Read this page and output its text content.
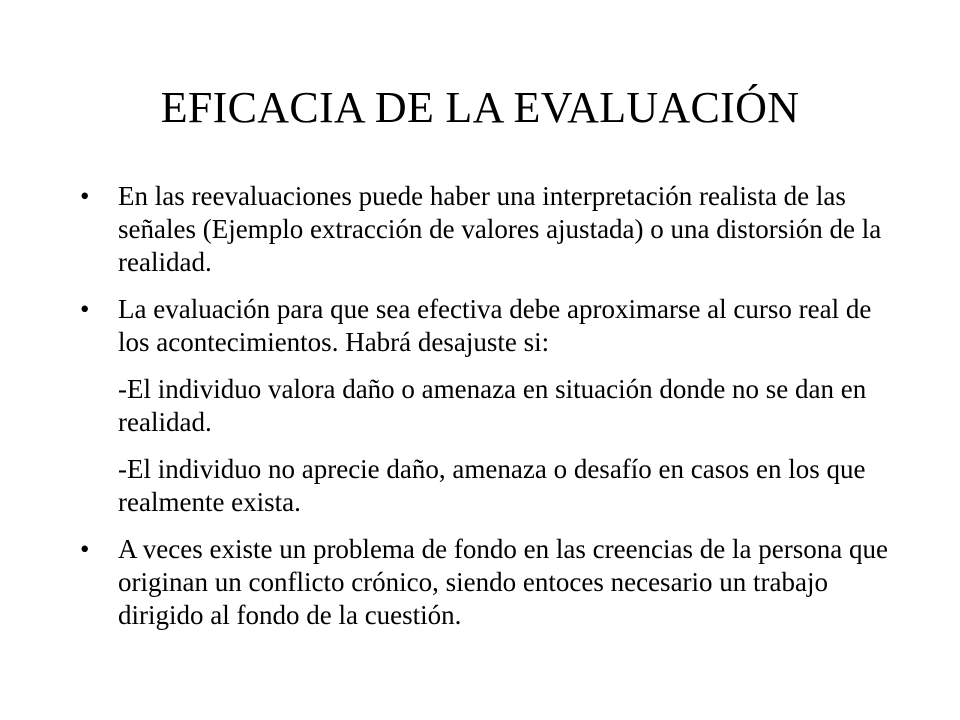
EFICACIA DE LA EVALUACIÓN
•	En las reevaluaciones puede haber una interpretación realista de las señales (Ejemplo extracción de valores ajustada) o una distorsión de la realidad.
•	La evaluación para que sea efectiva debe aproximarse al curso real de los acontecimientos. Habrá desajuste si:
-El individuo valora daño o amenaza en situación donde no se dan en realidad.
-El individuo no aprecie daño, amenaza o desafío en casos en los que realmente exista.
•	A veces existe un problema de fondo en las creencias de la persona que originan un conflicto crónico, siendo entoces necesario un trabajo dirigido al fondo de la cuestión.
